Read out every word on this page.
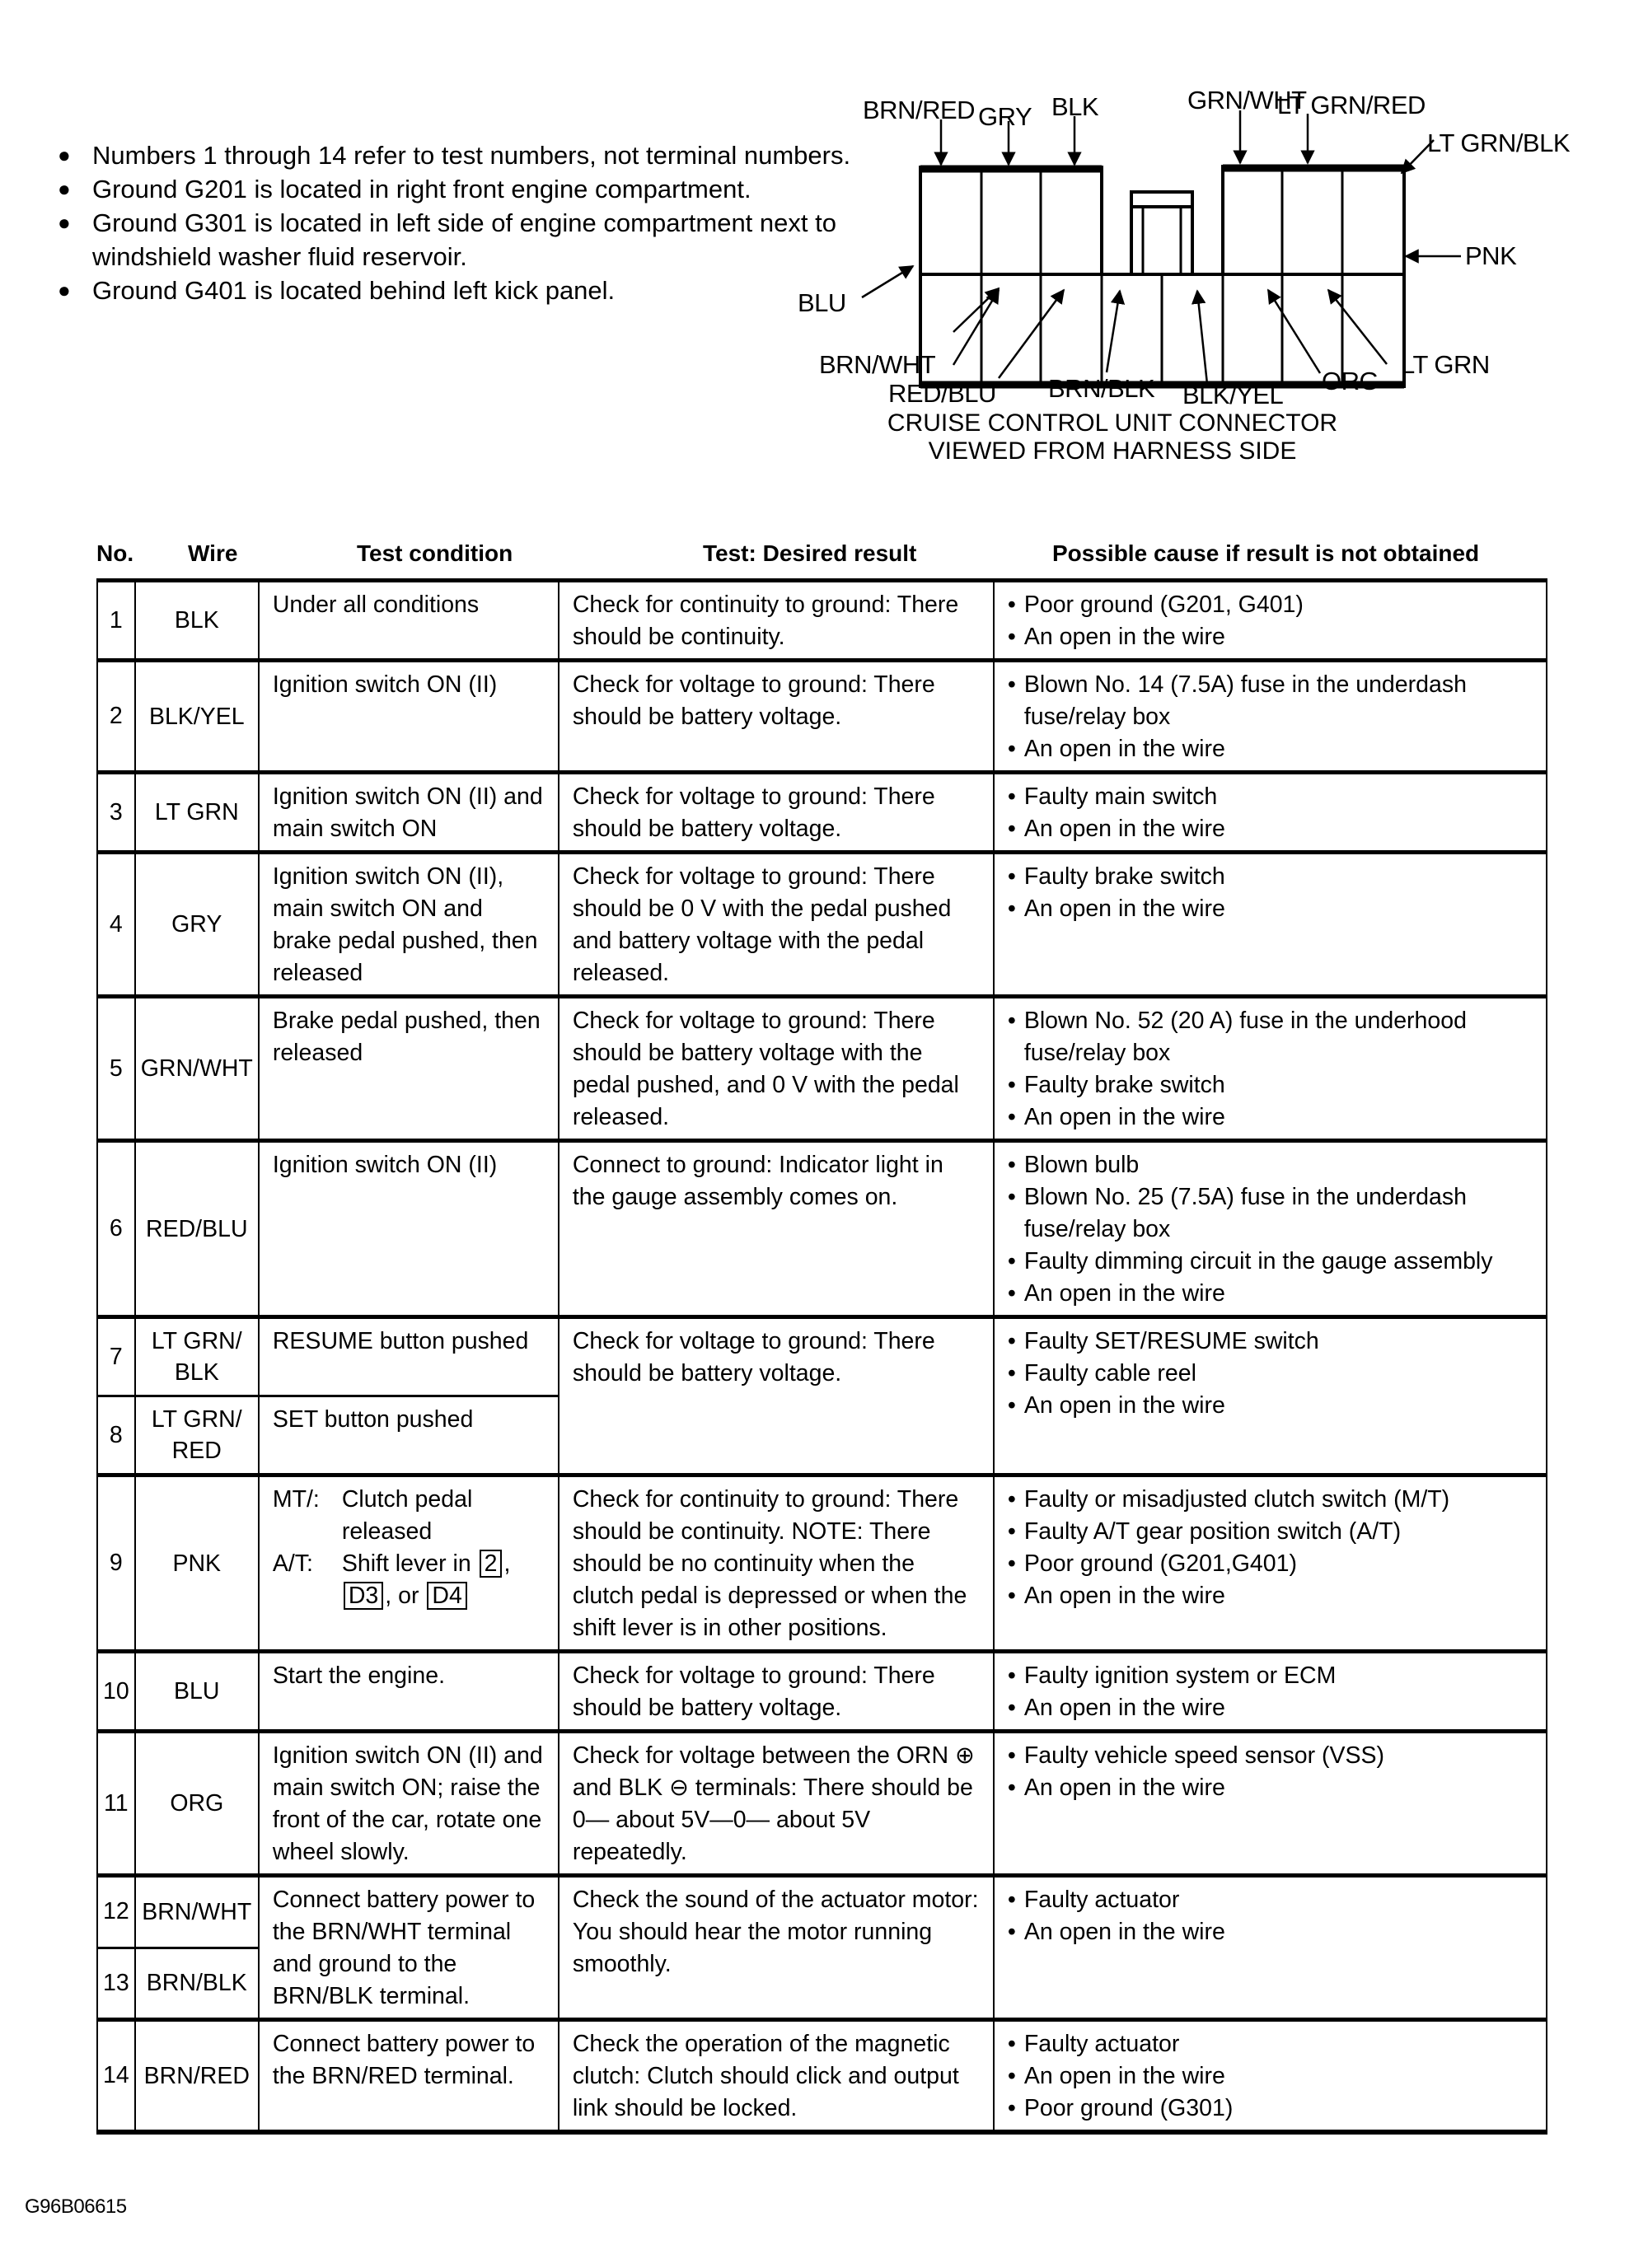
● Numbers 1 through 14 refer to test numbers, not terminal numbers.
● Ground G201 is located in right front engine compartment.
● Ground G301 is located in left side of engine compartment next to windshield washer fluid reservoir.
● Ground G401 is located behind left kick panel.
BRN/RED GRY BLK	GRN/WHT
LT GRN/RED
LT GRN/BLK
PNK
BLU
BRN/WHT
RED/BLU BRN/BLK BLK/YEL ORG
LT GRN
CRUISE CONTROL UNIT CONNECTOR
VIEWED FROM HARNESS SIDE
No. Wire	Test condition	Test: Desired result	Possible cause if result is not obtained
1	BLK	Under all conditions	Check for continuity to ground: There should be continuity.	• Poor ground (G201, G401)
• An open in the wire

2	BLK/YEL	Ignition switch ON (II)	Check for voltage to ground: There should be battery voltage.	• Blown No. 14 (7.5A) fuse in the underdash fuse/relay box
• An open in the wire

3	LT GRN	Ignition switch ON (II) and main switch ON	Check for voltage to ground: There should be battery voltage.	• Faulty main switch
• An open in the wire

4	GRY	Ignition switch ON (II), main switch ON and brake pedal pushed, then released	Check for voltage to ground: There should be 0 V with the pedal pushed and battery voltage with the pedal released.	• Faulty brake switch
• An open in the wire

5	GRN/WHT	Brake pedal pushed, then released	Check for voltage to ground: There should be battery voltage with the pedal pushed, and 0 V with the pedal released.	
• Blown No. 52 (20 A) fuse in the underhood fuse/relay box
• Faulty brake switch
• An open in the wire

6	RED/BLU	Ignition switch ON (II)	Connect to ground: Indicator light in the gauge assembly comes on.	
• Blown bulb
• Blown No. 25 (7.5A) fuse in the underdash fuse/relay box
• Faulty dimming circuit in the gauge assembly
• An open in the wire

7	LT GRN/ BLK	RESUME button pushed	Check for voltage to ground: There should be battery voltage.	
• Faulty SET/RESUME switch
• Faulty cable reel
• An open in the wire

8	LT GRN/ RED	SET button pushed		
9	PNK	
MT/: Clutch pedal released
A/T: Shift lever in 2 ,
D3 , or D4
	Check for continuity to ground: There should be continuity. NOTE: There should be no continuity when the clutch pedal is depressed or when the shift lever is in other positions.	
• Faulty or misadjusted clutch switch (M/T)
• Faulty A/T gear position switch (A/T)
• Poor ground (G201,G401)
• An open in the wire

10	BLU	Start the engine.	Check for voltage to ground: There should be battery voltage.	• Faulty ignition system or ECM
• An open in the wire

11	ORG	Ignition switch ON (II) and main switch ON; raise the front of the car, rotate one wheel slowly.	Check for voltage between the ORN ⊕ and BLK ⊖ terminals: There should be 0— about 5V—0— about 5V repeatedly.	• Faulty vehicle speed sensor (VSS)
• An open in the wire

12	BRN/WHT	Connect battery power to the BRN/WHT terminal and ground to the BRN/BLK terminal.	Check the sound of the actuator motor: You should hear the motor running smoothly.	• Faulty actuator
• An open in the wire

13	BRN/BLK			
14	BRN/RED	Connect battery power to the BRN/RED terminal.	Check the operation of the magnetic clutch: Clutch should click and output link should be locked.	
• Faulty actuator
• An open in the wire
• Poor ground (G301)
G96B06615
